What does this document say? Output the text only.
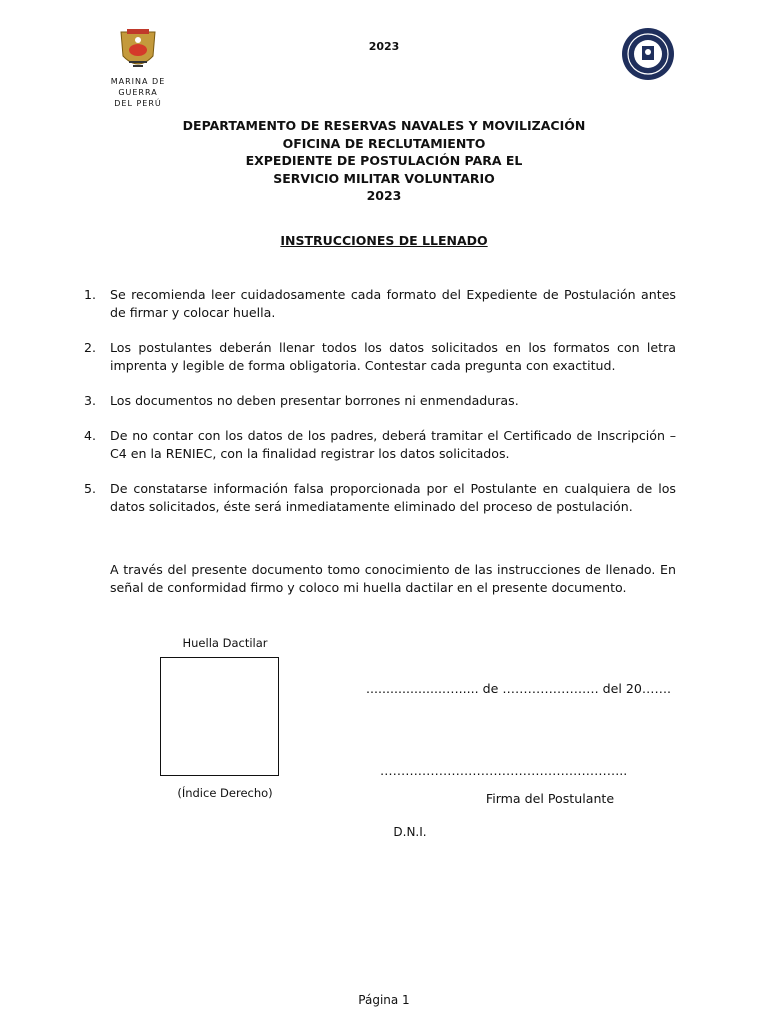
MARINA DE GUERRA
DEL PERÚ
2023
DEPARTAMENTO DE RESERVAS NAVALES Y MOVILIZACIÓN
OFICINA DE RECLUTAMIENTO
EXPEDIENTE DE POSTULACIÓN PARA EL
SERVICIO MILITAR VOLUNTARIO
2023
INSTRUCCIONES DE LLENADO
1. Se recomienda leer cuidadosamente cada formato del Expediente de Postulación antes de firmar y colocar huella.
2. Los postulantes deberán llenar todos los datos solicitados en los formatos con letra imprenta y legible de forma obligatoria. Contestar cada pregunta con exactitud.
3. Los documentos no deben presentar borrones ni enmendaduras.
4. De no contar con los datos de los padres, deberá tramitar el Certificado de Inscripción – C4 en la RENIEC, con la finalidad registrar los datos solicitados.
5. De constatarse información falsa proporcionada por el Postulante en cualquiera de los datos solicitados, éste será inmediatamente eliminado del proceso de postulación.
A través del presente documento tomo conocimiento de las instrucciones de llenado. En señal de conformidad firmo y coloco mi huella dactilar en el presente documento.
Huella Dactilar
(Índice Derecho)
....................…..... de ……………….…. del 20…….
…………………………………………………..
Firma del Postulante
D.N.I.
Página 1
